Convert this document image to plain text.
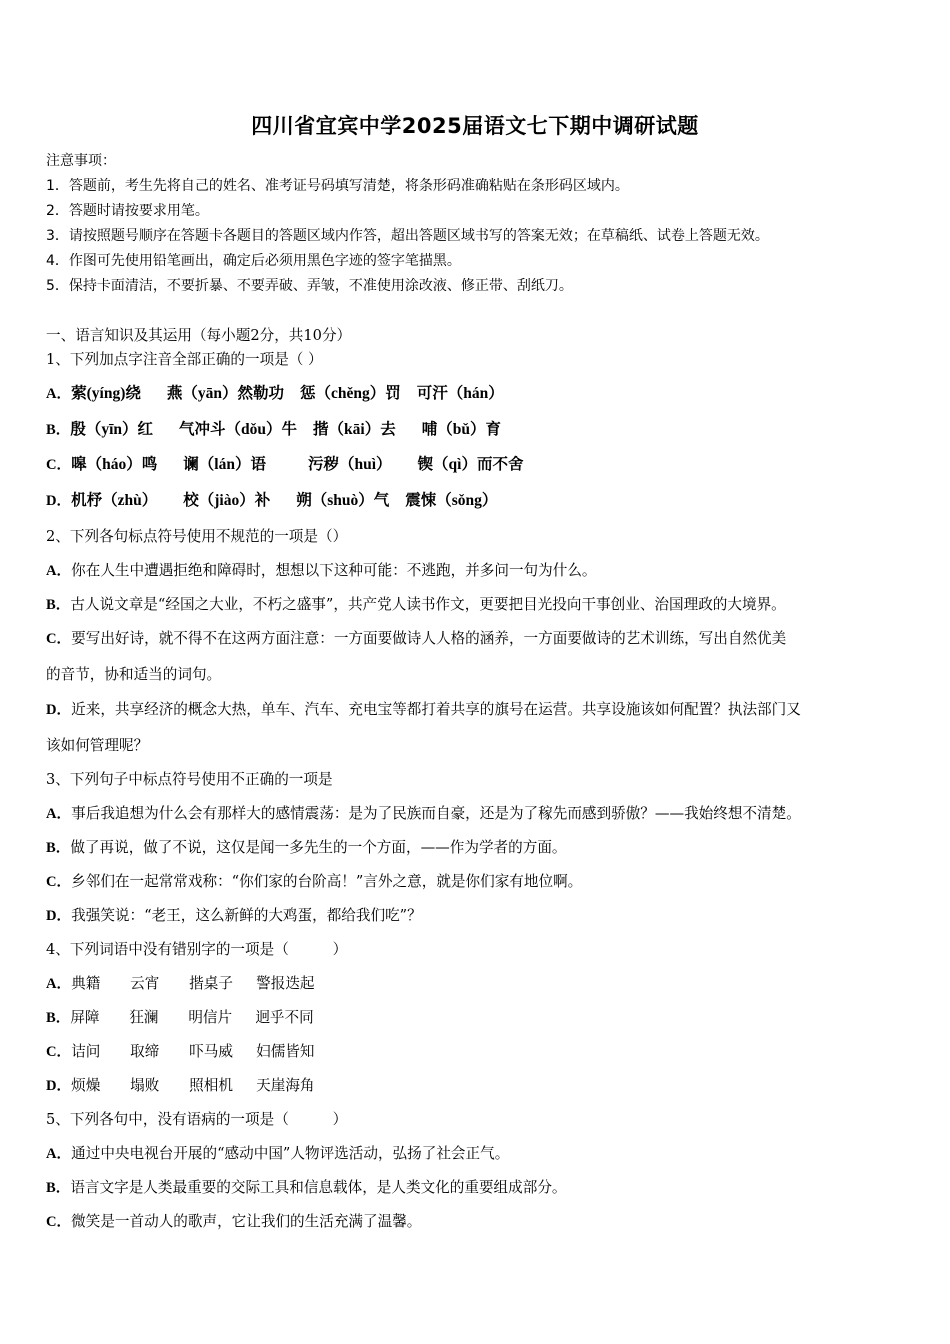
四川省宜宾中学2025届语文七下期中调研试题
注意事项：
1．答题前，考生先将自己的姓名、准考证号码填写清楚，将条形码准确粘贴在条形码区域内。
2．答题时请按要求用笔。
3．请按照题号顺序在答题卡各题目的答题区域内作答，超出答题区域书写的答案无效；在草稿纸、试卷上答题无效。
4．作图可先使用铅笔画出，确定后必须用黑色字迹的签字笔描黑。
5．保持卡面清洁，不要折暴、不要弄破、弄皱，不准使用涂改液、修正带、刮纸刀。
一、语言知识及其运用（每小题2分，共10分）
1、下列加点字注音全部正确的一项是（ ）
A．萦(yíng)绕 燕（yān）然勒功 惩（chěng）罚 可汗（hán）
B．殷（yīn）红 气冲斗（dǒu）牛 揩（kāi）去 哺（bǔ）育
C．嗥（háo）鸣 谰（lán）语	污秽（huì） 锲（qì）而不舍
D．机杼（zhù） 校（jiào）补 朔（shuò）气 震悚（sǒng）
2、下列各句标点符号使用不规范的一项是（）
A．你在人生中遭遇拒绝和障碍时，想想以下这种可能：不逃跑，并多问一句为什么。
B．古人说文章是“经国之大业，不朽之盛事”，共产党人读书作文，更要把目光投向干事创业、治国理政的大境界。
C．要写出好诗，就不得不在这两方面注意：一方面要做诗人人格的涵养，一方面要做诗的艺术训练，写出自然优美
的音节，协和适当的词句。
D．近来，共享经济的概念大热，单车、汽车、充电宝等都打着共享的旗号在运营。共享设施该如何配置？执法部门又
该如何管理呢？
3、下列句子中标点符号使用不正确的一项是
A．事后我追想为什么会有那样大的感情震荡：是为了民族而自豪，还是为了稼先而感到骄傲？——我始终想不清楚。
B．做了再说，做了不说，这仅是闻一多先生的一个方面，——作为学者的方面。
C．乡邻们在一起常常戏称：“你们家的台阶高！”言外之意，就是你们家有地位啊。
D．我强笑说：“老王，这么新鲜的大鸡蛋，都给我们吃”？
4、下列词语中没有错别字的一项是（　　　）
A．典籍 云宵 揩桌子 警报迭起
B．屏障 狂澜 明信片 迥乎不同
C．诘问 取缔 吓马威 妇儒皆知
D．烦燥 塌败 照相机 天崖海角
5、下列各句中，没有语病的一项是（　　　）
A．通过中央电视台开展的“感动中国”人物评选活动，弘扬了社会正气。
B．语言文字是人类最重要的交际工具和信息载体，是人类文化的重要组成部分。
C．微笑是一首动人的歌声，它让我们的生活充满了温馨。
